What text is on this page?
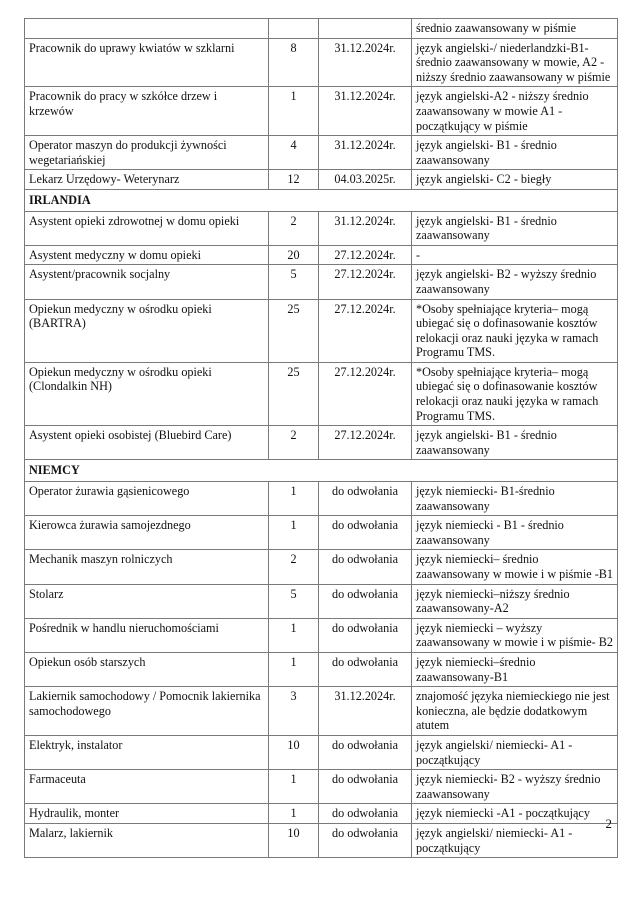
			średnio zaawansowany w piśmie
Pracownik do uprawy kwiatów w szklarni	8	31.12.2024r.	język angielski-/ niederlandzki-B1- średnio zaawansowany w mowie, A2 - niższy średnio zaawansowany w piśmie
Pracownik do pracy w szkółce drzew i krzewów	1	31.12.2024r.	język angielski-A2 - niższy średnio zaawansowany w mowie A1 - początkujący w piśmie
Operator maszyn do produkcji żywności wegetariańskiej	4	31.12.2024r.	język angielski- B1 - średnio zaawansowany
Lekarz Urzędowy- Weterynarz	12	04.03.2025r.	język angielski- C2 - biegły
IRLANDIA			
Asystent opieki zdrowotnej w domu opieki	2	31.12.2024r.	język angielski- B1 - średnio zaawansowany
Asystent medyczny w domu opieki	20	27.12.2024r.	-
Asystent/pracownik socjalny	5	27.12.2024r.	język angielski- B2 - wyższy średnio zaawansowany
Opiekun medyczny w ośrodku opieki (BARTRA)	25	27.12.2024r.	*Osoby spełniające kryteria– mogą ubiegać się o dofinasowanie kosztów relokacji oraz nauki języka w ramach Programu TMS.
Opiekun medyczny w ośrodku opieki (Clondalkin NH)	25	27.12.2024r.	*Osoby spełniające kryteria– mogą ubiegać się o dofinasowanie kosztów relokacji oraz nauki języka w ramach Programu TMS.
Asystent opieki osobistej (Bluebird Care)	2	27.12.2024r.	język angielski- B1 - średnio zaawansowany
NIEMCY			
Operator żurawia gąsienicowego	1	do odwołania	język niemiecki- B1-średnio zaawansowany
Kierowca żurawia samojezdnego	1	do odwołania	język niemiecki - B1 - średnio zaawansowany
Mechanik maszyn rolniczych	2	do odwołania	język niemiecki– średnio zaawansowany w mowie i w piśmie -B1
Stolarz	5	do odwołania	język niemiecki–niższy średnio zaawansowany-A2
Pośrednik w handlu nieruchomościami	1	do odwołania	język niemiecki – wyższy zaawansowany w mowie i w piśmie- B2
Opiekun osób starszych	1	do odwołania	język niemiecki–średnio zaawansowany-B1
Lakiernik samochodowy / Pomocnik lakiernika samochodowego	3	31.12.2024r.	znajomość języka niemieckiego nie jest konieczna, ale będzie dodatkowym atutem
Elektryk, instalator	10	do odwołania	język angielski/ niemiecki- A1 - początkujący
Farmaceuta	1	do odwołania	język niemiecki- B2 - wyższy średnio zaawansowany
Hydraulik, monter	1	do odwołania	język niemiecki -A1 - początkujący
Malarz, lakiernik	10	do odwołania	język angielski/ niemiecki- A1 - początkujący
2
